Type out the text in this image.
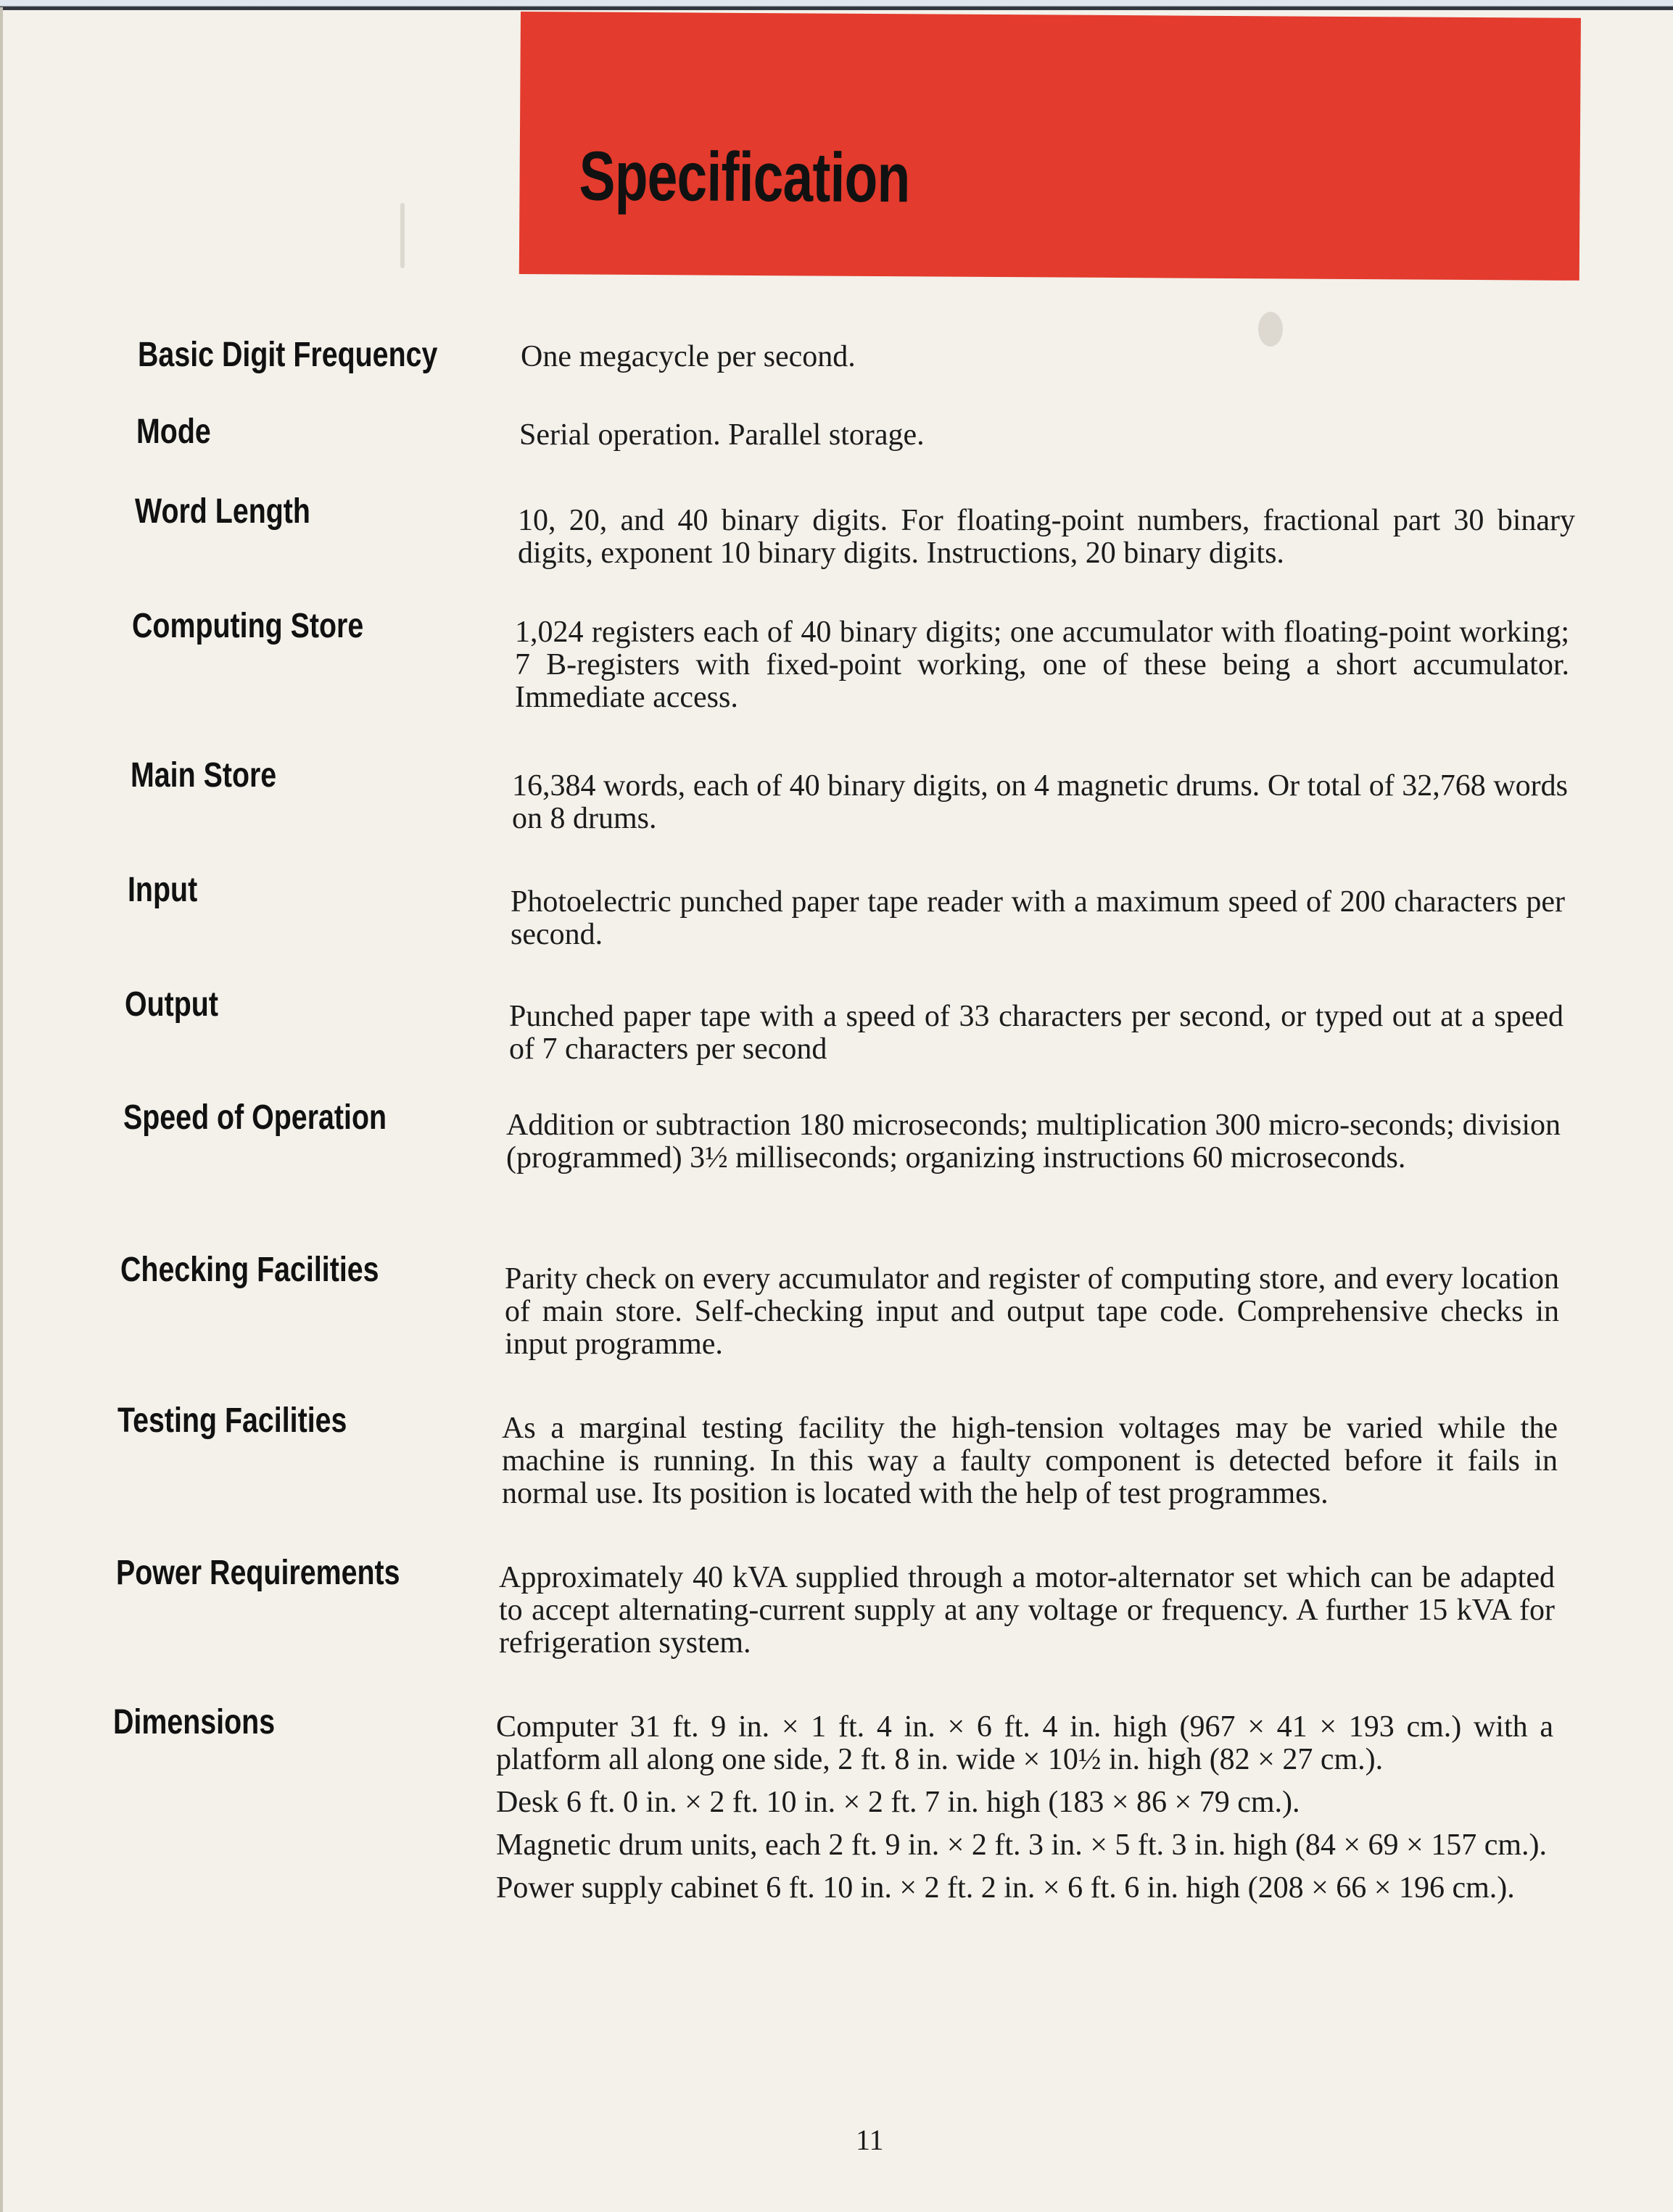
Specification
Basic Digit Frequency	One megacycle per second.

Mode	Serial operation. Parallel storage.

Word Length	10, 20, and 40 binary digits. For floating-point numbers, fractional part 30 binary digits, exponent 10 binary digits. Instructions, 20 binary digits.

Computing Store	1,024 registers each of 40 binary digits; one accumulator with floating-point working; 7 B-registers with fixed-point working, one of these being a short accumulator. Immediate access.

Main Store	16,384 words, each of 40 binary digits, on 4 magnetic drums. Or total of 32,768 words on 8 drums.

Input	Photoelectric punched paper tape reader with a maximum speed of 200 characters per second.

Output	Punched paper tape with a speed of 33 characters per second, or typed out at a speed of 7 characters per second

Speed of Operation	Addition or subtraction 180 microseconds; multiplication 300 micro-seconds; division (programmed) 3½ milliseconds; organizing instructions 60 microseconds.

Checking Facilities	Parity check on every accumulator and register of computing store, and every location of main store. Self-checking input and output tape code. Comprehensive checks in input programme.

Testing Facilities	As a marginal testing facility the high-tension voltages may be varied while the machine is running. In this way a faulty component is detected before it fails in normal use. Its position is located with the help of test programmes.

Power Requirements	Approximately 40 kVA supplied through a motor-alternator set which can be adapted to accept alternating-current supply at any voltage or frequency. A further 15 kVA for refrigeration system.

Dimensions	Computer 31 ft. 9 in. × 1 ft. 4 in. × 6 ft. 4 in. high (967 × 41 × 193 cm.) with a platform all along one side, 2 ft. 8 in. wide × 10½ in. high (82 × 27 cm.).

Desk 6 ft. 0 in. × 2 ft. 10 in. × 2 ft. 7 in. high (183 × 86 × 79 cm.).

Magnetic drum units, each 2 ft. 9 in. × 2 ft. 3 in. × 5 ft. 3 in. high (84 × 69 × 157 cm.).

Power supply cabinet 6 ft. 10 in. × 2 ft. 2 in. × 6 ft. 6 in. high (208 × 66 × 196 cm.).

11
